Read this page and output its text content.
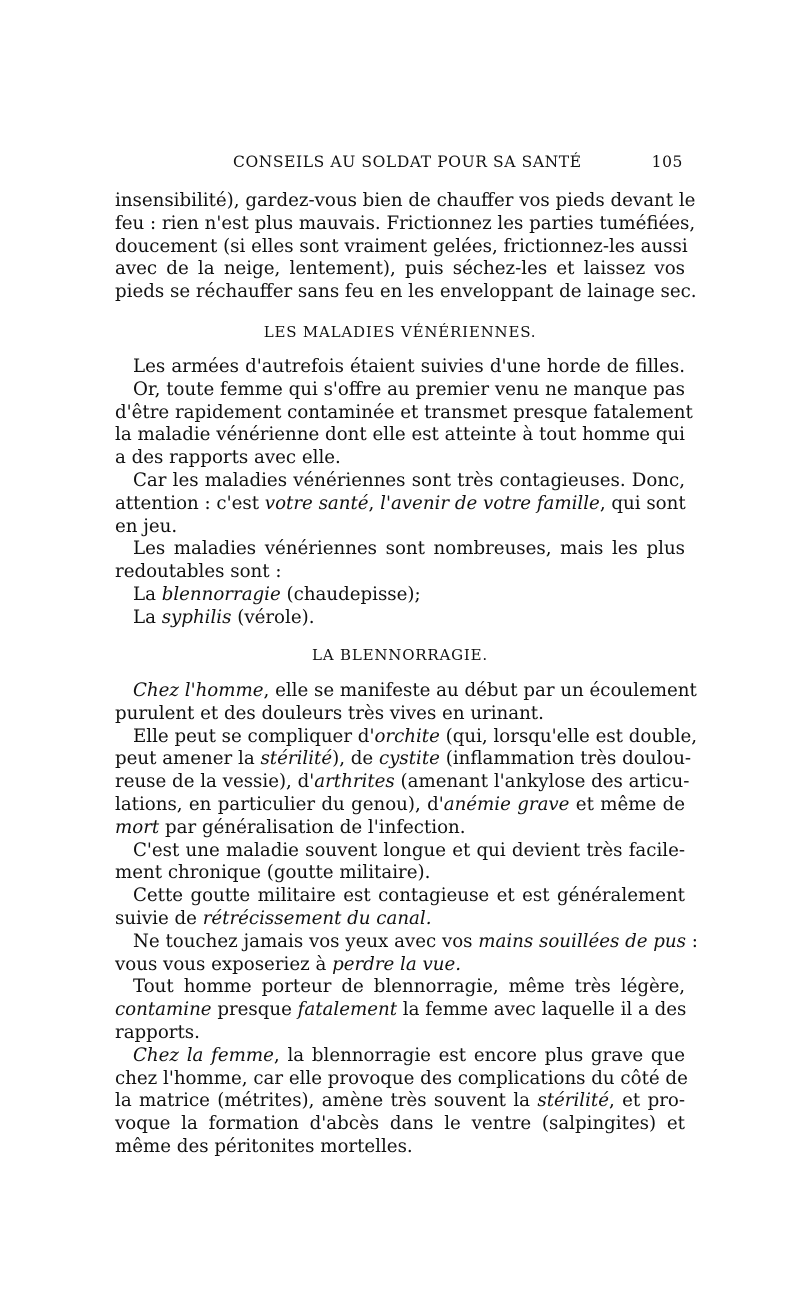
CONSEILS AU SOLDAT POUR SA SANTÉ	105
insensibilité), gardez-vous bien de chauffer vos pieds devant le
feu : rien n'est plus mauvais. Frictionnez les parties tuméfiées,
doucement (si elles sont vraiment gelées, frictionnez-les aussi
avec de la neige, lentement), puis séchez-les et laissez vos
pieds se réchauffer sans feu en les enveloppant de lainage sec.
LES MALADIES VÉNÉRIENNES.
Les armées d'autrefois étaient suivies d'une horde de filles.
Or, toute femme qui s'offre au premier venu ne manque pas
d'être rapidement contaminée et transmet presque fatalement
la maladie vénérienne dont elle est atteinte à tout homme qui
a des rapports avec elle.
Car les maladies vénériennes sont très contagieuses. Donc,
attention : c'est votre santé, l'avenir de votre famille, qui sont
en jeu.
Les maladies vénériennes sont nombreuses, mais les plus
redoutables sont :
La blennorragie (chaudepisse);
La syphilis (vérole).
LA BLENNORRAGIE.
Chez l'homme, elle se manifeste au début par un écoulement
purulent et des douleurs très vives en urinant.
Elle peut se compliquer d'orchite (qui, lorsqu'elle est double,
peut amener la stérilité), de cystite (inflammation très doulou-
reuse de la vessie), d'arthrites (amenant l'ankylose des articu-
lations, en particulier du genou), d'anémie grave et même de
mort par généralisation de l'infection.
C'est une maladie souvent longue et qui devient très facile-
ment chronique (goutte militaire).
Cette goutte militaire est contagieuse et est généralement
suivie de rétrécissement du canal.
Ne touchez jamais vos yeux avec vos mains souillées de pus :
vous vous exposeriez à perdre la vue.
Tout homme porteur de blennorragie, même très légère,
contamine presque fatalement la femme avec laquelle il a des
rapports.
Chez la femme, la blennorragie est encore plus grave que
chez l'homme, car elle provoque des complications du côté de
la matrice (métrites), amène très souvent la stérilité, et pro-
voque la formation d'abcès dans le ventre (salpingites) et
même des péritonites mortelles.
